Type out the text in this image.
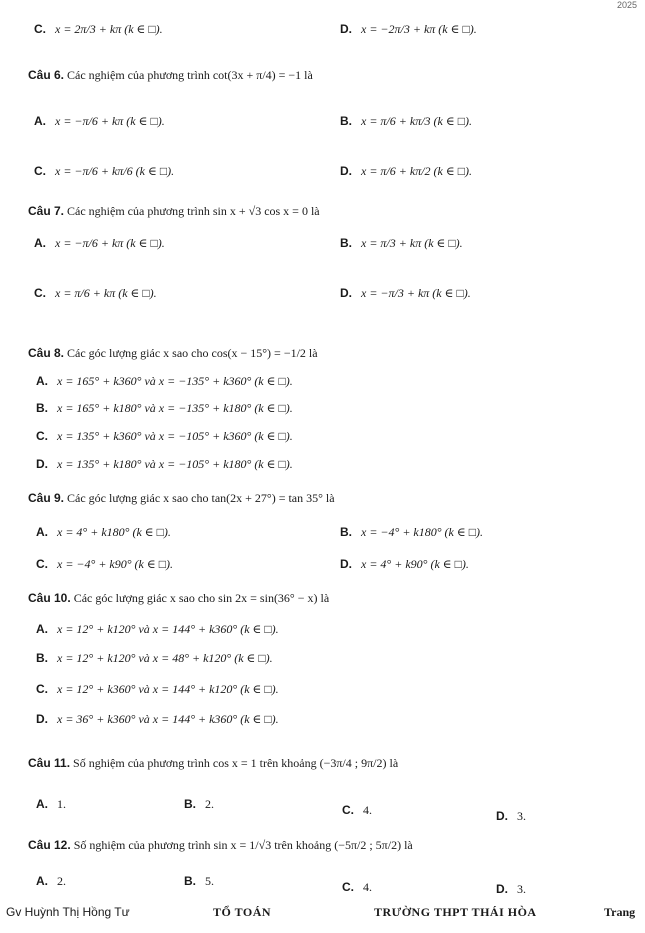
2025
C. x = 2π/3 + kπ (k ∈ □).	D. x = −2π/3 + kπ (k ∈ □).
Câu 6. Các nghiệm của phương trình cot(3x + π/4) = −1 là
A. x = −π/6 + kπ (k ∈ □).	B. x = π/6 + kπ/3 (k ∈ □).
C. x = −π/6 + kπ/6 (k ∈ □).	D. x = π/6 + kπ/2 (k ∈ □).
Câu 7. Các nghiệm của phương trình sin x + √3 cos x = 0 là
A. x = −π/6 + kπ (k ∈ □).	B. x = π/3 + kπ (k ∈ □).
C. x = π/6 + kπ (k ∈ □).	D. x = −π/3 + kπ (k ∈ □).
Câu 8. Các góc lượng giác x sao cho cos(x − 15°) = −1/2 là
A. x = 165° + k360° và x = −135° + k360° (k ∈ □).
B. x = 165° + k180° và x = −135° + k180° (k ∈ □).
C. x = 135° + k360° và x = −105° + k360° (k ∈ □).
D. x = 135° + k180° và x = −105° + k180° (k ∈ □).
Câu 9. Các góc lượng giác x sao cho tan(2x + 27°) = tan 35° là
A. x = 4° + k180° (k ∈ □).	B. x = −4° + k180° (k ∈ □).
C. x = −4° + k90° (k ∈ □).	D. x = 4° + k90° (k ∈ □).
Câu 10. Các góc lượng giác x sao cho sin 2x = sin(36° − x) là
A. x = 12° + k120° và x = 144° + k360° (k ∈ □).
B. x = 12° + k120° và x = 48° + k120° (k ∈ □).
C. x = 12° + k360° và x = 144° + k120° (k ∈ □).
D. x = 36° + k360° và x = 144° + k360° (k ∈ □).
Câu 11. Số nghiệm của phương trình cos x = 1 trên khoảng (−3π/4 ; 9π/2) là
A. 1.	B. 2.	C. 4.	D. 3.
Câu 12. Số nghiệm của phương trình sin x = 1/√3 trên khoảng (−5π/2 ; 5π/2) là
A. 2.	B. 5.	C. 4.	D. 3.
Gv Huỳnh Thị Hồng Tư	TỔ TOÁN	TRƯỜNG THPT THÁI HÒA	Trang
